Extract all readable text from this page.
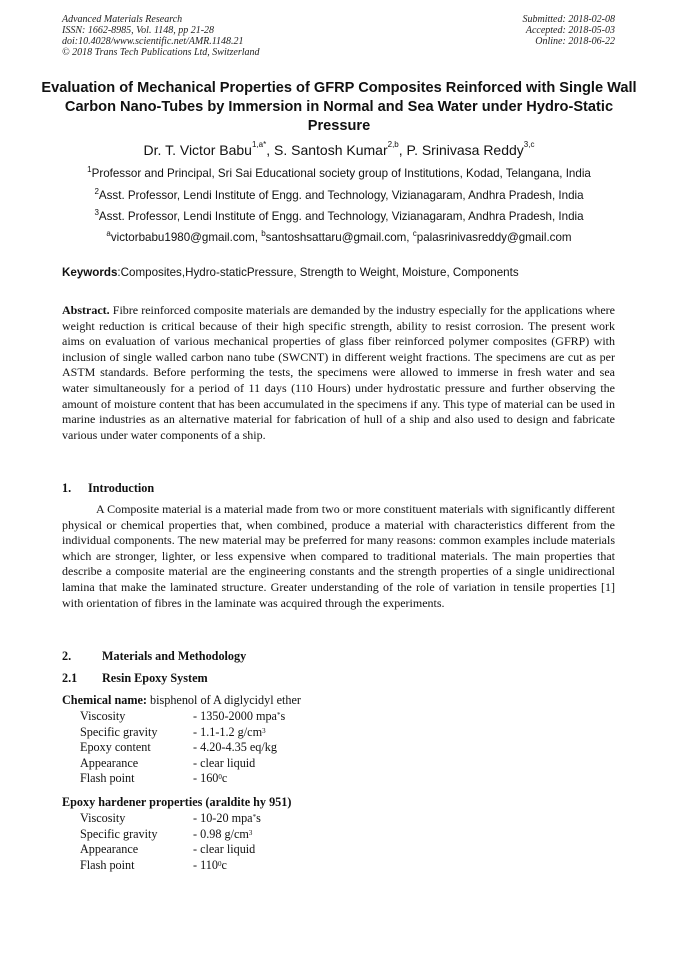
Advanced Materials Research
ISSN: 1662-8985, Vol. 1148, pp 21-28
doi:10.4028/www.scientific.net/AMR.1148.21
© 2018 Trans Tech Publications Ltd, Switzerland
Submitted: 2018-02-08
Accepted: 2018-05-03
Online: 2018-06-22
Evaluation of Mechanical Properties of GFRP Composites Reinforced with Single Wall Carbon Nano-Tubes by Immersion in Normal and Sea Water under Hydro-Static Pressure
Dr. T. Victor Babu$^{1,a*}$, S. Santosh Kumar$^{2,b}$, P. Srinivasa Reddy$^{3,c}$
$^1$Professor and Principal, Sri Sai Educational society group of Institutions, Kodad, Telangana, India
$^2$Asst. Professor, Lendi Institute of Engg. and Technology, Vizianagaram, Andhra Pradesh, India
$^3$Asst. Professor, Lendi Institute of Engg. and Technology, Vizianagaram, Andhra Pradesh, India
$^a$victorbabu1980@gmail.com, $^b$santoshsattaru@gmail.com, $^c$palasrinivasreddy@gmail.com
Keywords:Composites,Hydro-staticPressure, Strength to Weight, Moisture, Components
Abstract. Fibre reinforced composite materials are demanded by the industry especially for the applications where weight reduction is critical because of their high specific strength, ability to resist corrosion. The present work aims on evaluation of various mechanical properties of glass fiber reinforced polymer composites (GFRP) with inclusion of single walled carbon nano tube (SWCNT) in different weight fractions. The specimens are cut as per ASTM standards. Before performing the tests, the specimens were allowed to immerse in fresh water and sea water simultaneously for a period of 11 days (110 Hours) under hydrostatic pressure and further observing the amount of moisture content that has been accumulated in the specimens if any. This type of material can be used in marine industries as an alternative material for fabrication of hull of a ship and also used to design and fabricate various under water components of a ship.
1. Introduction
A Composite material is a material made from two or more constituent materials with significantly different physical or chemical properties that, when combined, produce a material with characteristics different from the individual components. The new material may be preferred for many reasons: common examples include materials which are stronger, lighter, or less expensive when compared to traditional materials. The main properties that describe a composite material are the engineering constants and the strength properties of a single unidirectional lamina that make the laminated structure. Greater understanding of the role of variation in tensile properties [1] with orientation of fibres in the laminate was acquired through the experiments.
2.	Materials and Methodology
2.1 Resin Epoxy System
Chemical name: bisphenol of A diglycidyl ether
Viscosity	- 1350-2000 mpa*s
Specific gravity	- 1.1-1.2 $g/cm^3$
Epoxy content	- 4.20-4.35 eq/kg
Appearance	- clear liquid
Flash point	- $160^0c$
Epoxy hardener properties (araldite hy 951)
Viscosity	- 10-20 mpa*s
Specific gravity	- 0.98 $g/cm^3$
Appearance	- clear liquid
Flash point	- $110^0c$
